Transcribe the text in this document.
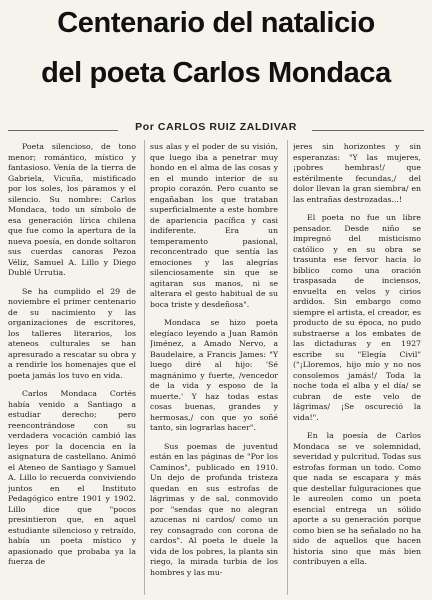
Centenario del natalicio
del poeta Carlos Mondaca
Por CARLOS RUIZ ZALDIVAR

Poeta silencioso, de tono menor; romántico, místico y fantasioso. Venía de la tierra de Gabriela, Vicuña, mistificado por los soles, los páramos y el silencio. Su nombre: Carlos Mondaca, todo un símbolo de esa generación lírica chilena que fue como la apertura de la nueva poesía, en donde soltaron sus cuerdas canoras Pezoa Véliz, Samuel A. Lillo y Diego Dublé Urrutia.

Se ha cumplido el 29 de noviembre el primer centenario de su nacimiento y las organizaciones de escritores, los talleres literarios, los ateneos culturales se han apresurado a rescatar su obra y a rendirle los homenajes que el poeta jamás los tuvo en vida.

Carlos Mondaca Cortés había venido a Santiago a estudiar derecho; pero reencontrándose con su verdadera vocación cambió las leyes por la docencia en la asignatura de castellano. Animó el Ateneo de Santiago y Samuel A. Lillo lo recuerda conviviendo juntos en el Instituto Pedagógico entre 1901 y 1902. Lillo dice que "pocos presintieron que, en aquel estudiante silencioso y retraído, había un poeta místico y apasionado que probaba ya la fuerza de

sus alas y el poder de su visión, que luego iba a penetrar muy hondo en el alma de las cosas y en el mundo interior de su propio corazón. Pero cuanto se engañaban los que trataban superficialmente a este hombre de apariencia pacífica y casi indiferente. Era un temperamento pasional, reconcentrado que sentía las emociones y las alegrías silenciosamente sin que se agitaran sus manos, ni se alterara el gesto habitual de su boca triste y desdeñosa".

Mondaca se hizo poeta elegíaco leyendo a Juan Ramón Jiménez, a Amado Nervo, a Baudelaire, a Francis James: "Y luego diré al hijo: 'Sé magnánimo y fuerte, /vencedor de la vida y esposo de la muerte.' Y haz todas estas cosas buenas, grandes y hermosas,/ con que yo soñé tanto, sin lograrlas hacer".

Sus poemas de juventud están en las páginas de "Por los Caminos", publicado en 1910. Un dejo de profunda tristeza quedan en sus estrofas de lágrimas y de sal, conmovido por "sendas que no alegran azucenas ni cardos/ como un rey consagrado con corona de cardos". Al poeta le duele la vida de los pobres, la planta sin riego, la mirada turbia de los hombres y las mu-

jeres sin horizontes y sin esperanzas: "Y las mujeres, ¡pobres hembras!/ que estérilmente fecundas,/ del dolor llevan la gran siembra/ en las entrañas destrozadas...!

El poeta no fue un libre pensador. Desde niño se impregnó del misticismo católico y en su obra se trasunta ese fervor hacia lo bíblico como una oración traspasada de inciensos, envuelta en velos y cirios ardidos. Sin embargo como siempre el artista, el creador, es producto de su época, no pudo substraerse a los embates de las dictaduras y en 1927 escribe su "Elegía Civil" ("¡Lloremos, hijo mío y no nos consolemos jamás!/ Toda la noche toda el alba y el día/ se cubran de este velo de lágrimas/ ¡Se oscureció la vida!".

En la poesía de Carlos Mondaca se ve solemnidad, severidad y pulcritud. Todas sus estrofas forman un todo. Como que nada se escapara y más que destellar fulguraciones que le aureolen como un poeta esencial entrega un sólido aporte a su generación porque como bien se ha señalado no ha sido de aquellos que hacen historia sino que más bien contribuyen a ella.
